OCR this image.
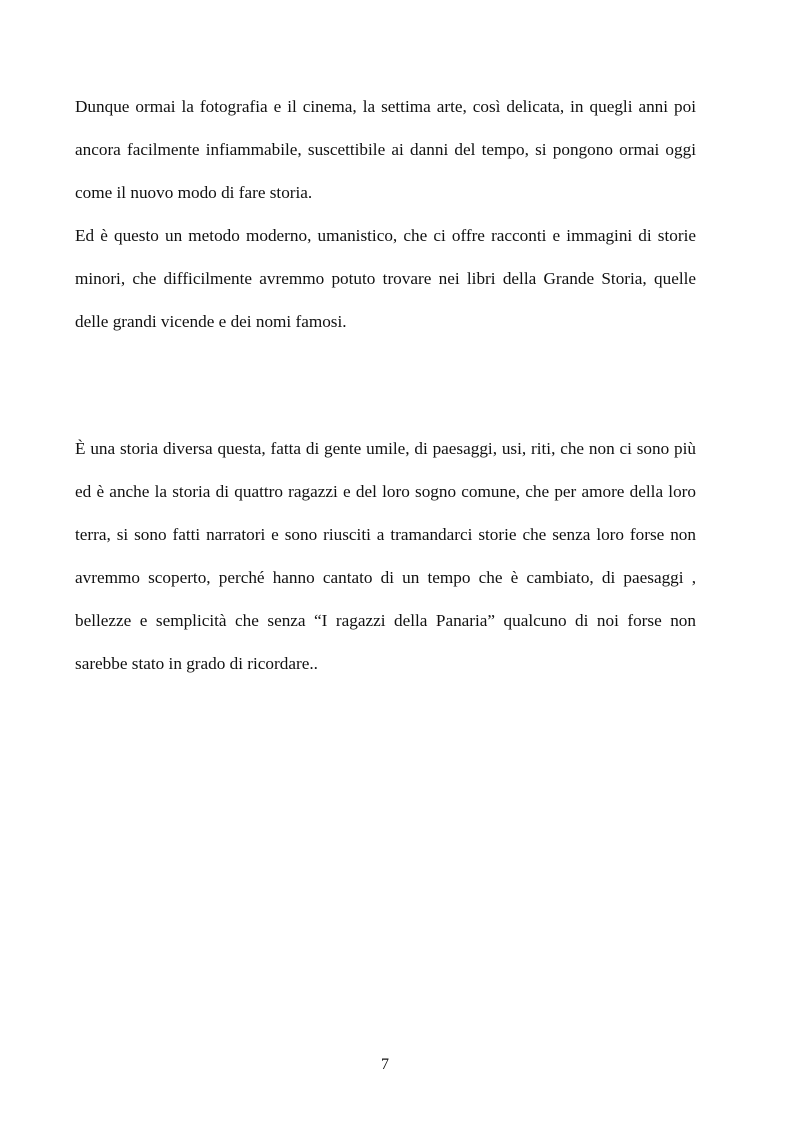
Dunque ormai la fotografia e il cinema, la settima arte, così delicata, in quegli anni poi ancora facilmente infiammabile, suscettibile ai danni del tempo, si pongono ormai oggi come il nuovo modo di fare storia.

Ed è questo un metodo moderno, umanistico, che ci offre racconti e immagini di storie minori, che difficilmente avremmo potuto trovare nei libri della Grande Storia, quelle delle grandi vicende e dei nomi famosi.

È una storia diversa questa, fatta di gente umile, di paesaggi, usi, riti, che non ci sono più ed è anche la storia di quattro ragazzi e del loro sogno comune, che per amore della loro terra, si sono fatti narratori e sono riusciti a tramandarci storie che senza loro forse non avremmo scoperto, perché hanno cantato di un tempo che è cambiato, di paesaggi , bellezze e semplicità che senza “I ragazzi della Panaria” qualcuno di noi forse non sarebbe stato in grado di ricordare..

7
